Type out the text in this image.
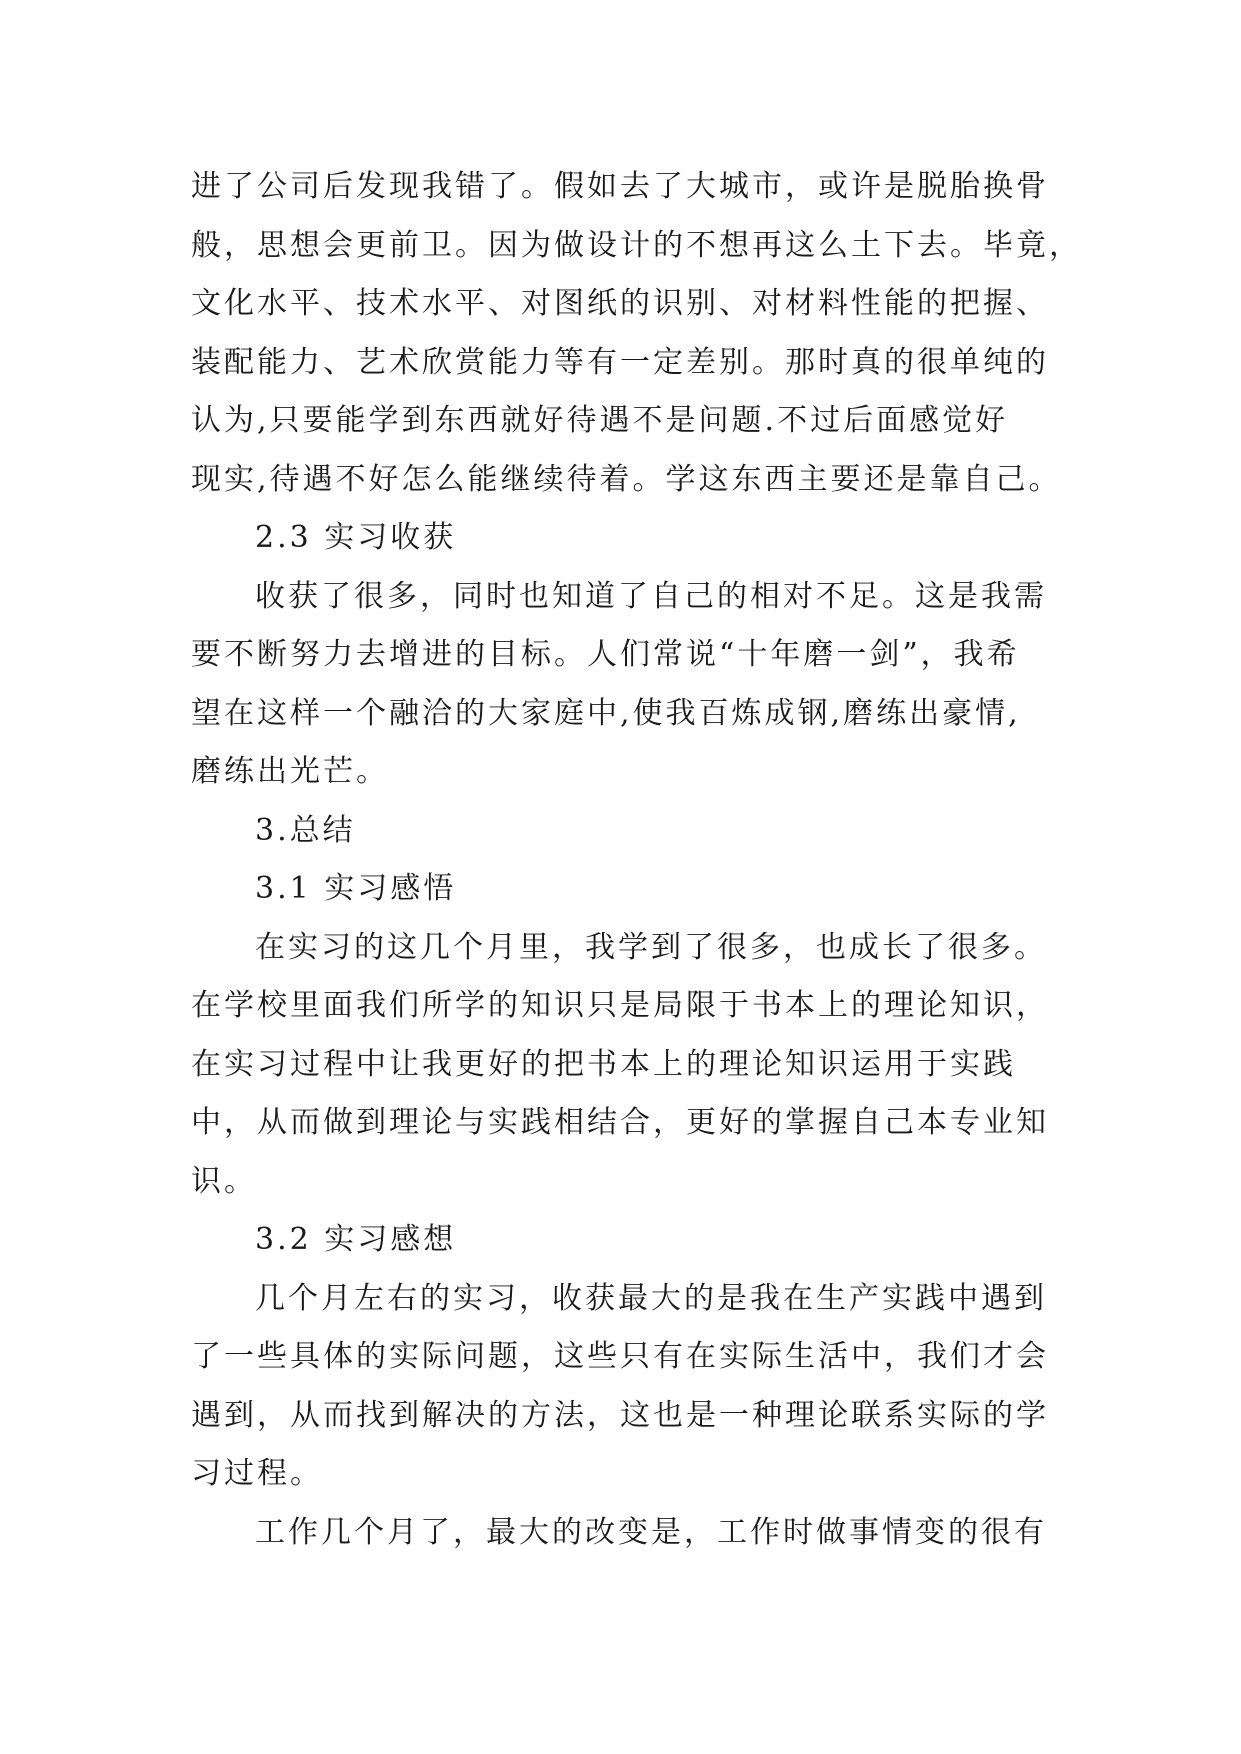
进了公司后发现我错了。假如去了大城市，或许是脱胎换骨
般，思想会更前卫。因为做设计的不想再这么土下去。毕竟，
文化水平、技术水平、对图纸的识别、对材料性能的把握、
装配能力、艺术欣赏能力等有一定差别。那时真的很单纯的
认为,只要能学到东西就好待遇不是问题.不过后面感觉好
现实,待遇不好怎么能继续待着。学这东西主要还是靠自己。
2.3 实习收获
收获了很多，同时也知道了自己的相对不足。这是我需
要不断努力去增进的目标。人们常说“十年磨一剑”，我希
望在这样一个融洽的大家庭中,使我百炼成钢,磨练出豪情,
磨练出光芒。
3.总结
3.1 实习感悟
在实习的这几个月里，我学到了很多，也成长了很多。
在学校里面我们所学的知识只是局限于书本上的理论知识，
在实习过程中让我更好的把书本上的理论知识运用于实践
中，从而做到理论与实践相结合，更好的掌握自己本专业知
识。
3.2 实习感想
几个月左右的实习，收获最大的是我在生产实践中遇到
了一些具体的实际问题，这些只有在实际生活中，我们才会
遇到，从而找到解决的方法，这也是一种理论联系实际的学
习过程。
工作几个月了，最大的改变是，工作时做事情变的很有
